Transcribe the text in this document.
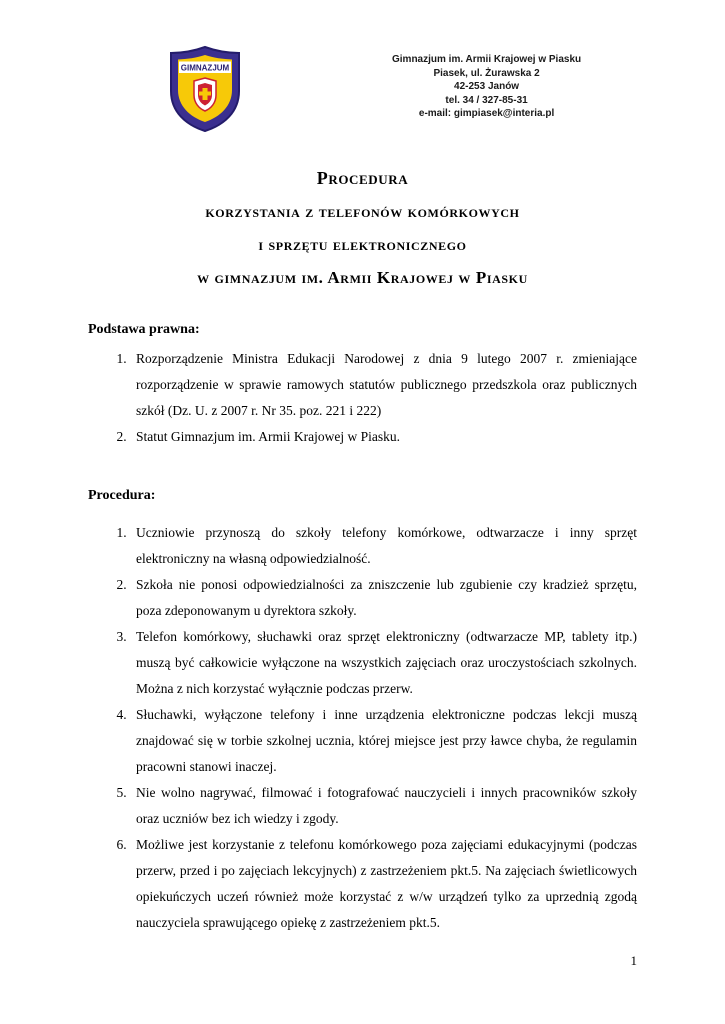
GIMNAZJUM
Gimnazjum im. Armii Krajowej w Piasku
Piasek, ul. Żurawska 2
42-253 Janów
tel. 34 / 327-85-31
e-mail: gimpiasek@interia.pl
Procedura
korzystania z telefonów komórkowych
i sprzętu elektronicznego
w gimnazjum im. Armii Krajowej w Piasku
Podstawa prawna:
1. Rozporządzenie Ministra Edukacji Narodowej z dnia 9 lutego 2007 r. zmieniające rozporządzenie w sprawie ramowych statutów publicznego przedszkola oraz publicznych szkół (Dz. U. z 2007 r. Nr 35. poz. 221 i 222)
2. Statut Gimnazjum im. Armii Krajowej w Piasku.
Procedura:
1. Uczniowie przynoszą do szkoły telefony komórkowe, odtwarzacze i inny sprzęt elektroniczny na własną odpowiedzialność.
2. Szkoła nie ponosi odpowiedzialności za zniszczenie lub zgubienie czy kradzież sprzętu, poza zdeponowanym u dyrektora szkoły.
3. Telefon komórkowy, słuchawki oraz sprzęt elektroniczny (odtwarzacze MP, tablety itp.) muszą być całkowicie wyłączone na wszystkich zajęciach oraz uroczystościach szkolnych. Można z nich korzystać wyłącznie podczas przerw.
4. Słuchawki, wyłączone telefony i inne urządzenia elektroniczne podczas lekcji muszą znajdować się w torbie szkolnej ucznia, której miejsce jest przy ławce chyba, że regulamin pracowni stanowi inaczej.
5. Nie wolno nagrywać, filmować i fotografować nauczycieli i innych pracowników szkoły oraz uczniów bez ich wiedzy i zgody.
6. Możliwe jest korzystanie z telefonu komórkowego poza zajęciami edukacyjnymi (podczas przerw, przed i po zajęciach lekcyjnych) z zastrzeżeniem pkt.5. Na zajęciach świetlicowych opiekuńczych uczeń również może korzystać z w/w urządzeń tylko za uprzednią zgodą nauczyciela sprawującego opiekę z zastrzeżeniem pkt.5.
1
